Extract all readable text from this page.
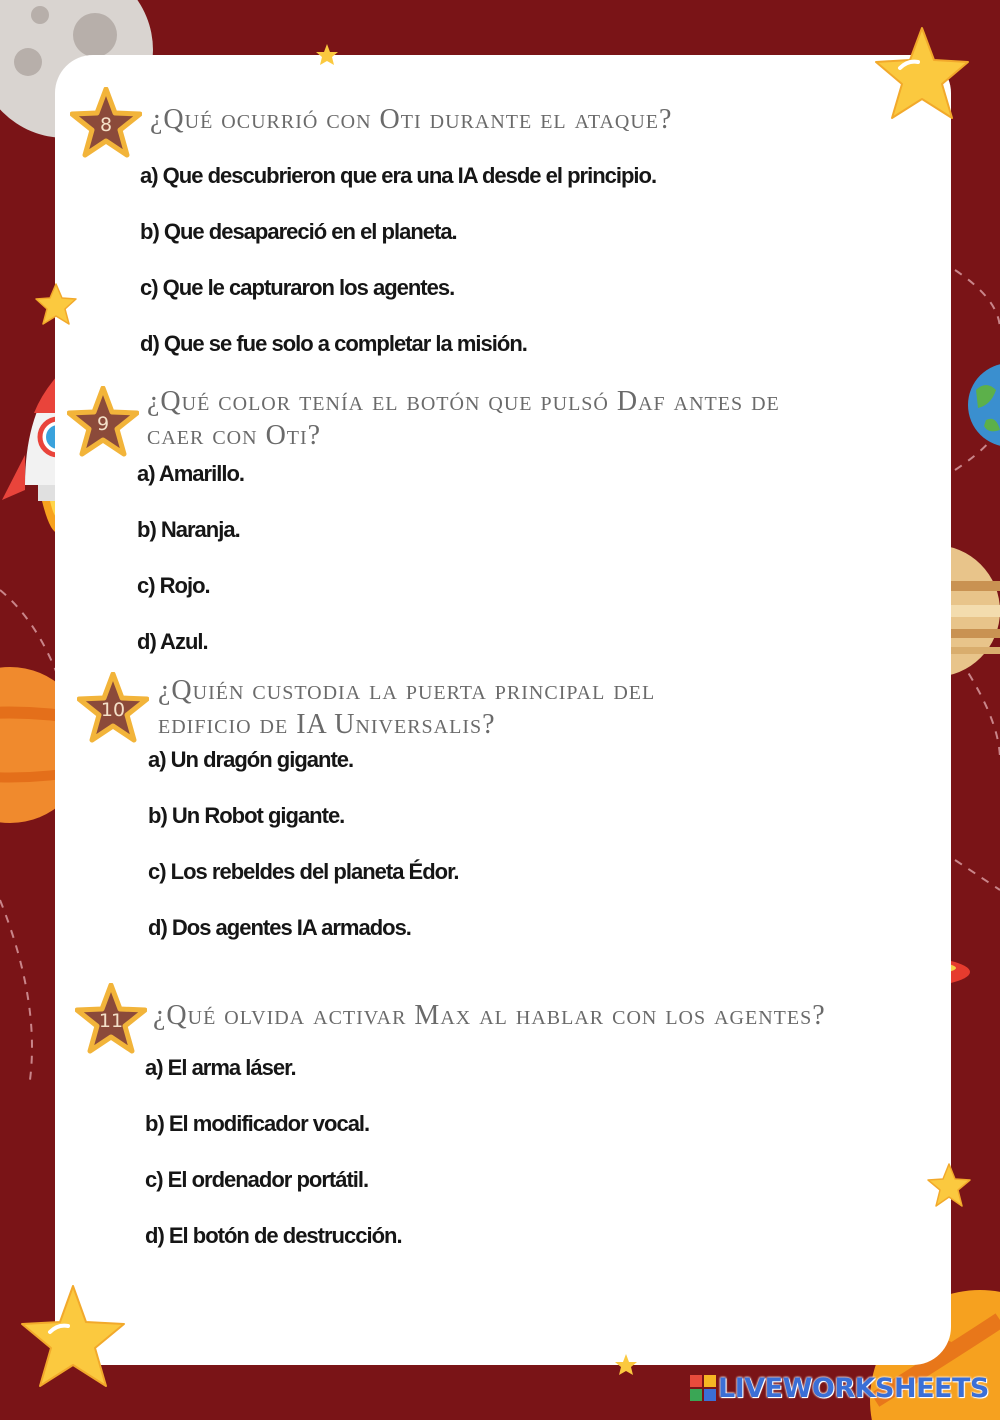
8	¿Qué ocurrió con Oti durante el ataque?
a) Que descubrieron que era una IA desde el principio.
b) Que desapareció en el planeta.
c) Que le capturaron los agentes.
d) Que se fue solo a completar la misión.
9
¿Qué color tenía el botón que pulsó Daf antes de
caer con Oti?
a) Amarillo.
b) Naranja.
c) Rojo.
d) Azul.
10
¿Quién custodia la puerta principal del
edificio de IA Universalis?
a) Un dragón gigante.
b) Un Robot gigante.
c) Los rebeldes del planeta Édor.
d) Dos agentes IA armados.
11	¿Qué olvida activar Max al hablar con los agentes?
a) El arma láser.
b) El modificador vocal.
c) El ordenador portátil.
d) El botón de destrucción.
LIVEWORKSHEETS
